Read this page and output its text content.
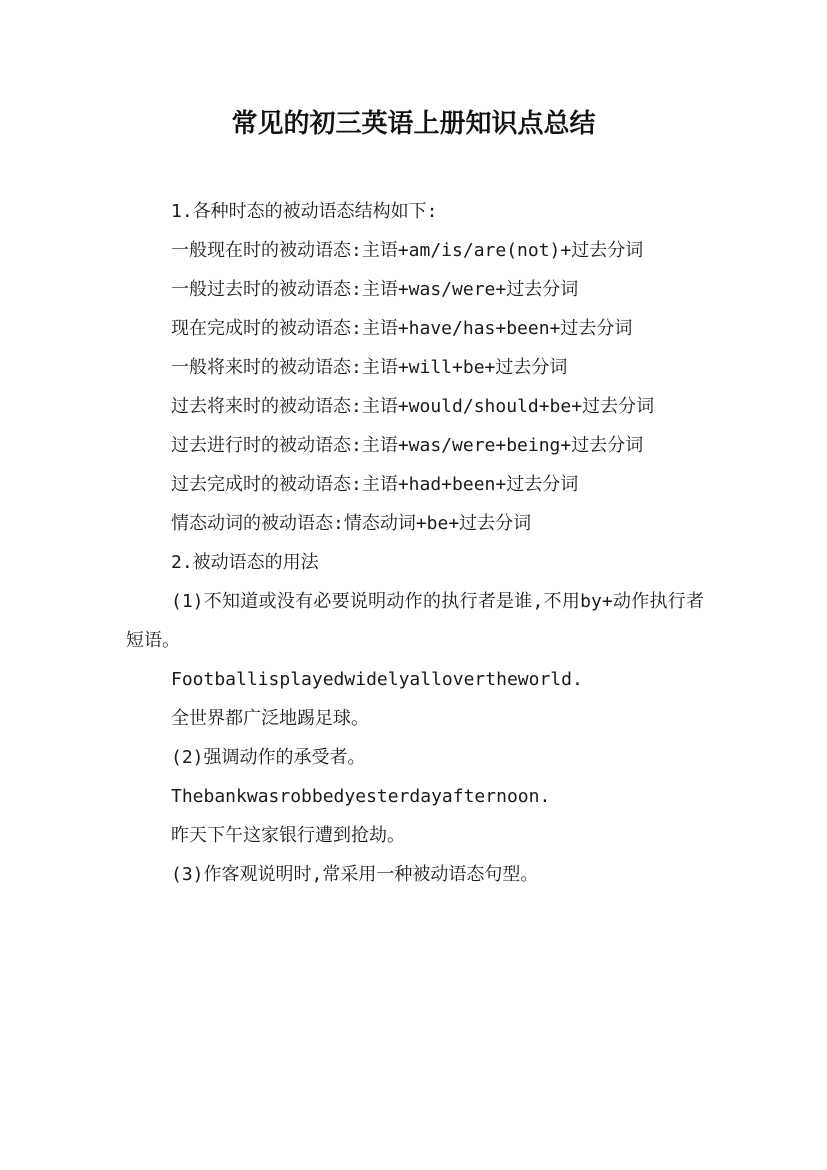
常见的初三英语上册知识点总结

1.各种时态的被动语态结构如下:

一般现在时的被动语态:主语+am/is/are(not)+过去分词

一般过去时的被动语态:主语+was/were+过去分词

现在完成时的被动语态:主语+have/has+been+过去分词

一般将来时的被动语态:主语+will+be+过去分词

过去将来时的被动语态:主语+would/should+be+过去分词

过去进行时的被动语态:主语+was/were+being+过去分词

过去完成时的被动语态:主语+had+been+过去分词

情态动词的被动语态:情态动词+be+过去分词

2.被动语态的用法

(1)不知道或没有必要说明动作的执行者是谁,不用by+动作执行者短语。

Footballisplayedwidelyallovertheworld.

全世界都广泛地踢足球。

(2)强调动作的承受者。

Thebankwasrobbedyesterdayafternoon.

昨天下午这家银行遭到抢劫。

(3)作客观说明时,常采用一种被动语态句型。
